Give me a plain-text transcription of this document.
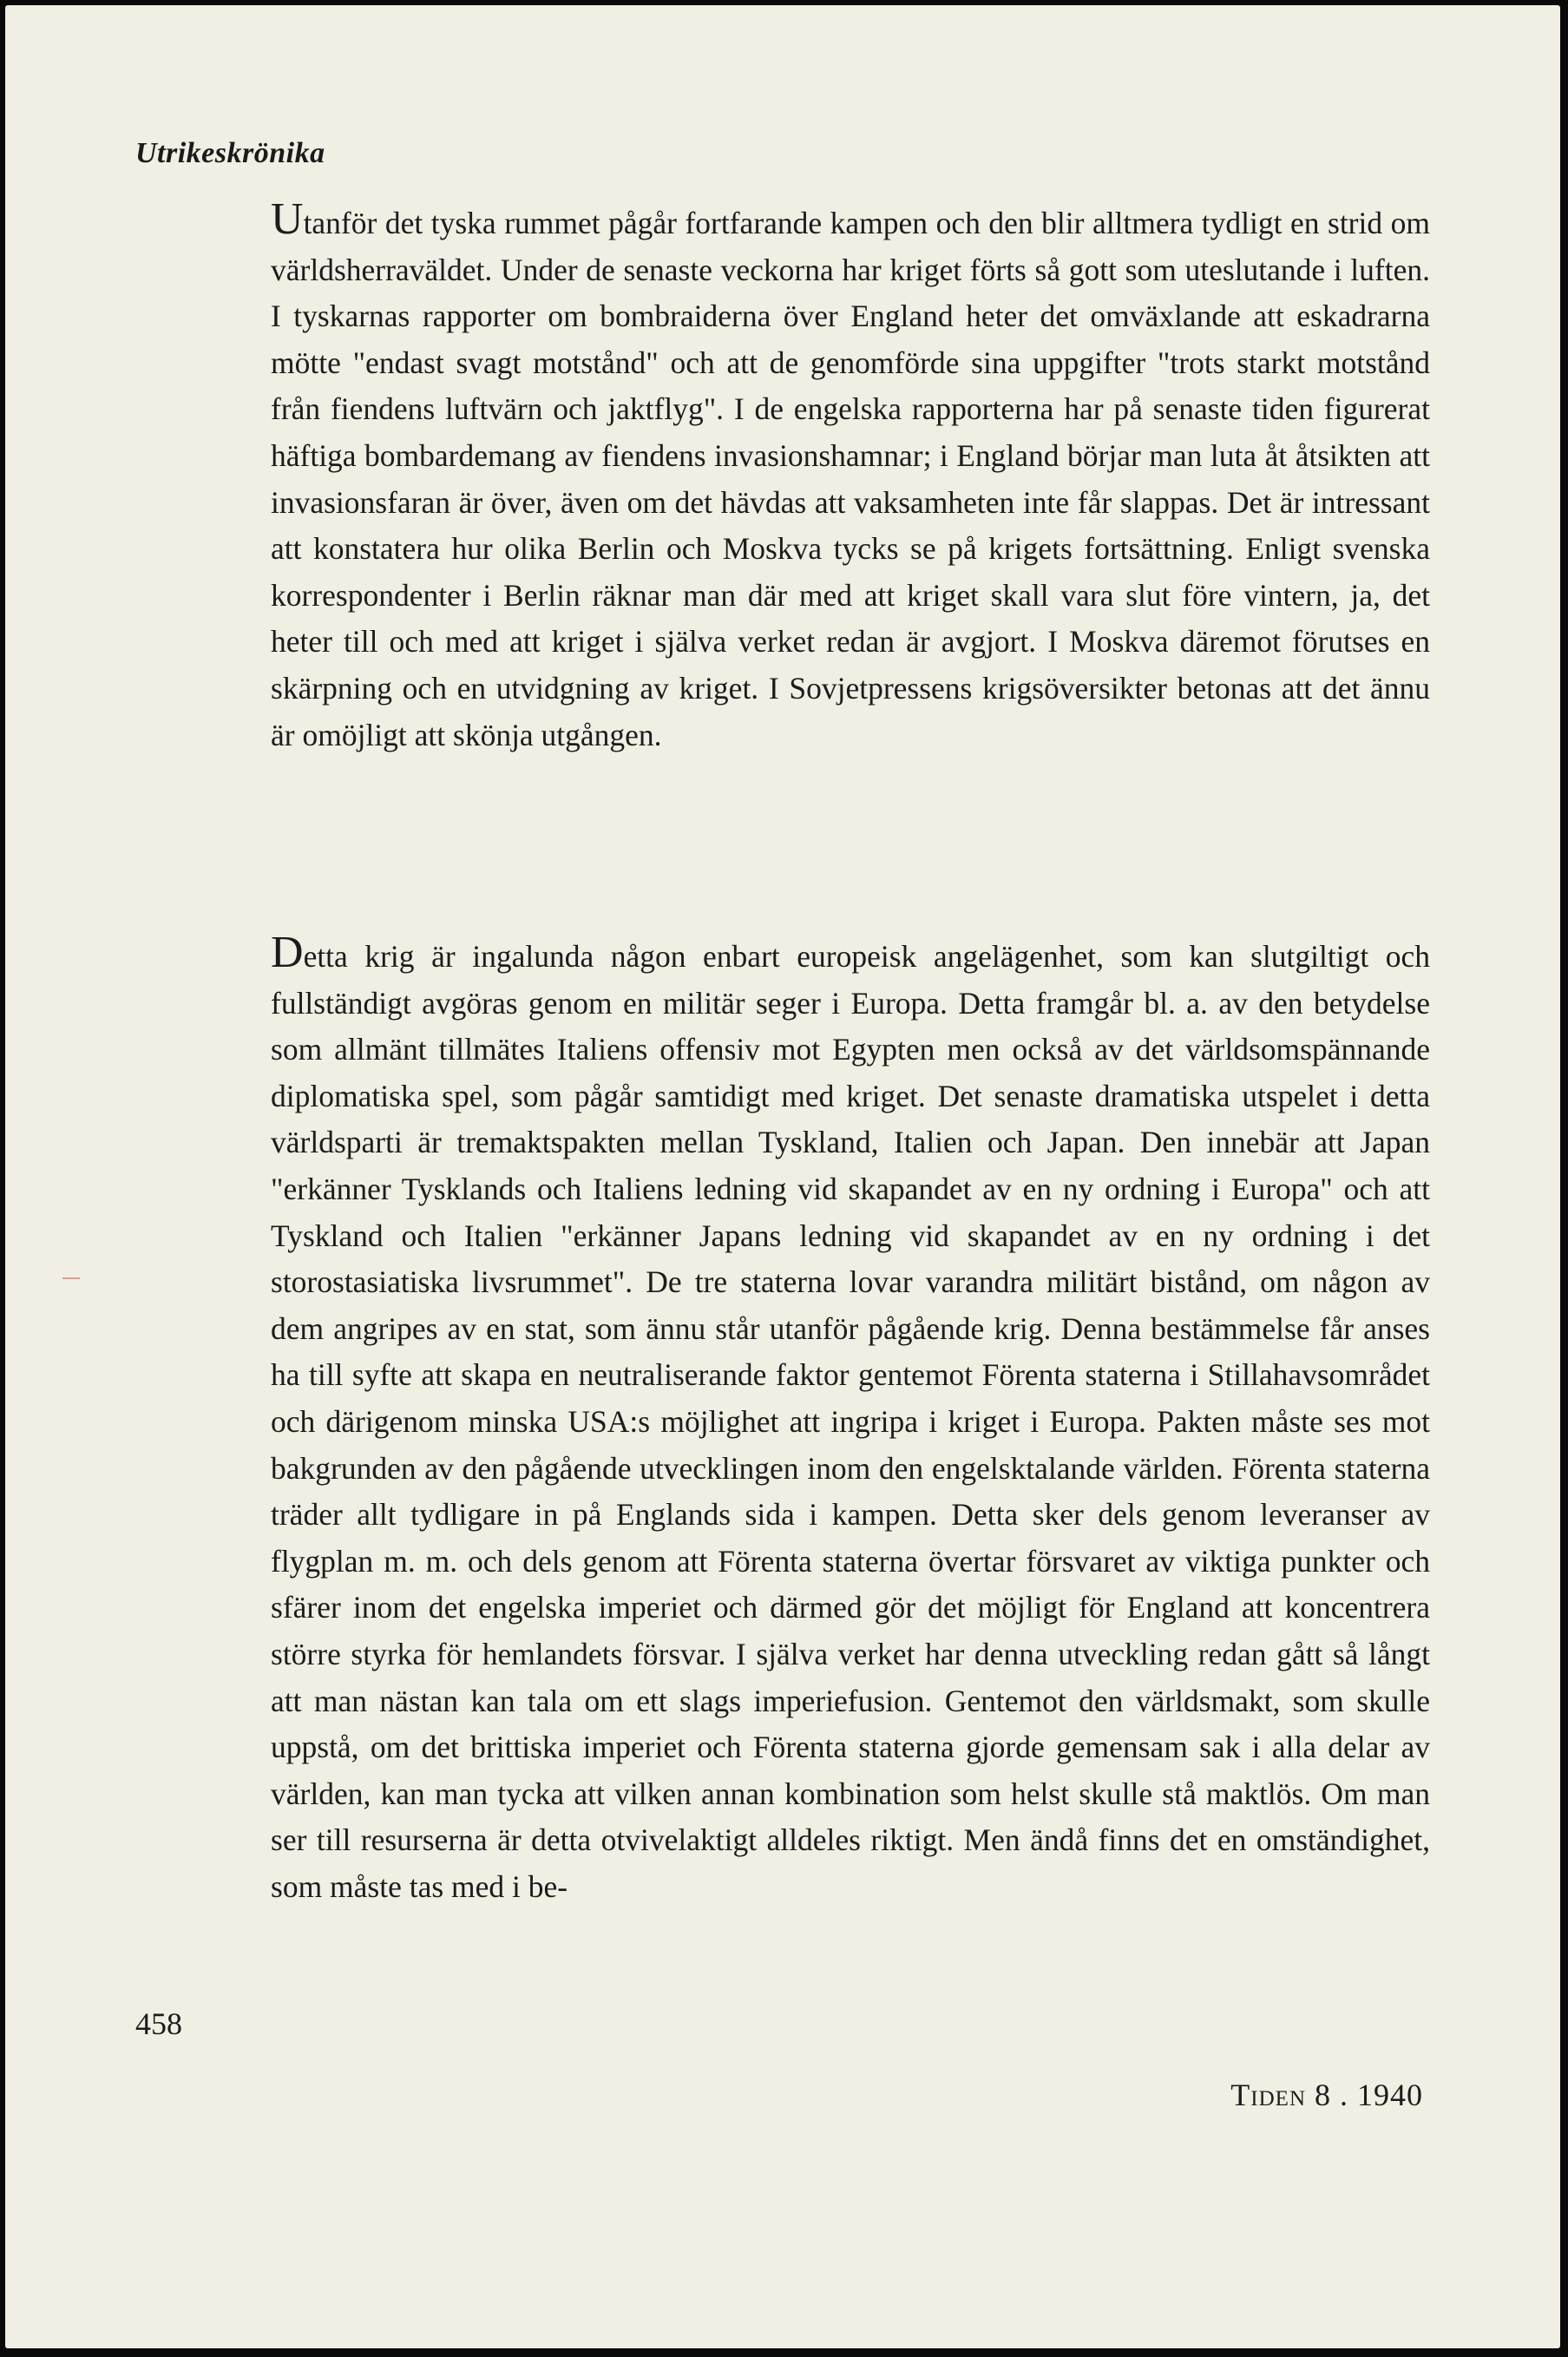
Utrikeskrönika

Utanför det tyska rummet pågår fortfarande kampen och den blir alltmera tydligt en strid om världsherraväldet. Under de senaste veckorna har kriget förts så gott som uteslutande i luften. I tyskarnas rapporter om bombraiderna över England heter det omväxlande att eskadrarna mötte "endast svagt motstånd" och att de genomförde sina uppgifter "trots starkt motstånd från fiendens luftvärn och jaktflyg". I de engelska rapporterna har på senaste tiden figurerat häftiga bombardemang av fiendens invasionshamnar; i England börjar man luta åt åtsikten att invasionsfaran är över, även om det hävdas att vaksamheten inte får slappas. Det är intressant att konstatera hur olika Berlin och Moskva tycks se på krigets fortsättning. Enligt svenska korrespondenter i Berlin räknar man där med att kriget skall vara slut före vintern, ja, det heter till och med att kriget i själva verket redan är avgjort. I Moskva däremot förutses en skärpning och en utvidgning av kriget. I Sovjetpressens krigsöversikter betonas att det ännu är omöjligt att skönja utgången.

Detta krig är ingalunda någon enbart europeisk angelägenhet, som kan slutgiltigt och fullständigt avgöras genom en militär seger i Europa. Detta framgår bl. a. av den betydelse som allmänt tillmätes Italiens offensiv mot Egypten men också av det världsomspännande diplomatiska spel, som pågår samtidigt med kriget. Det senaste dramatiska utspelet i detta världsparti är tremaktspakten mellan Tyskland, Italien och Japan. Den innebär att Japan "erkänner Tysklands och Italiens ledning vid skapandet av en ny ordning i Europa" och att Tyskland och Italien "erkänner Japans ledning vid skapandet av en ny ordning i det storostasiatiska livsrummet". De tre staterna lovar varandra militärt bistånd, om någon av dem angripes av en stat, som ännu står utanför pågående krig. Denna bestämmelse får anses ha till syfte att skapa en neutraliserande faktor gentemot Förenta staterna i Stillahavsområdet och därigenom minska USA:s möjlighet att ingripa i kriget i Europa. Pakten måste ses mot bakgrunden av den pågående utvecklingen inom den engelsktalande världen. Förenta staterna träder allt tydligare in på Englands sida i kampen. Detta sker dels genom leveranser av flygplan m. m. och dels genom att Förenta staterna övertar försvaret av viktiga punkter och sfärer inom det engelska imperiet och därmed gör det möjligt för England att koncentrera större styrka för hemlandets försvar. I själva verket har denna utveckling redan gått så långt att man nästan kan tala om ett slags imperiefusion. Gentemot den världsmakt, som skulle uppstå, om det brittiska imperiet och Förenta staterna gjorde gemensam sak i alla delar av världen, kan man tycka att vilken annan kombination som helst skulle stå maktlös. Om man ser till resurserna är detta otvivelaktigt alldeles riktigt. Men ändå finns det en omständighet, som måste tas med i be-

458
Tiden 8 . 1940
